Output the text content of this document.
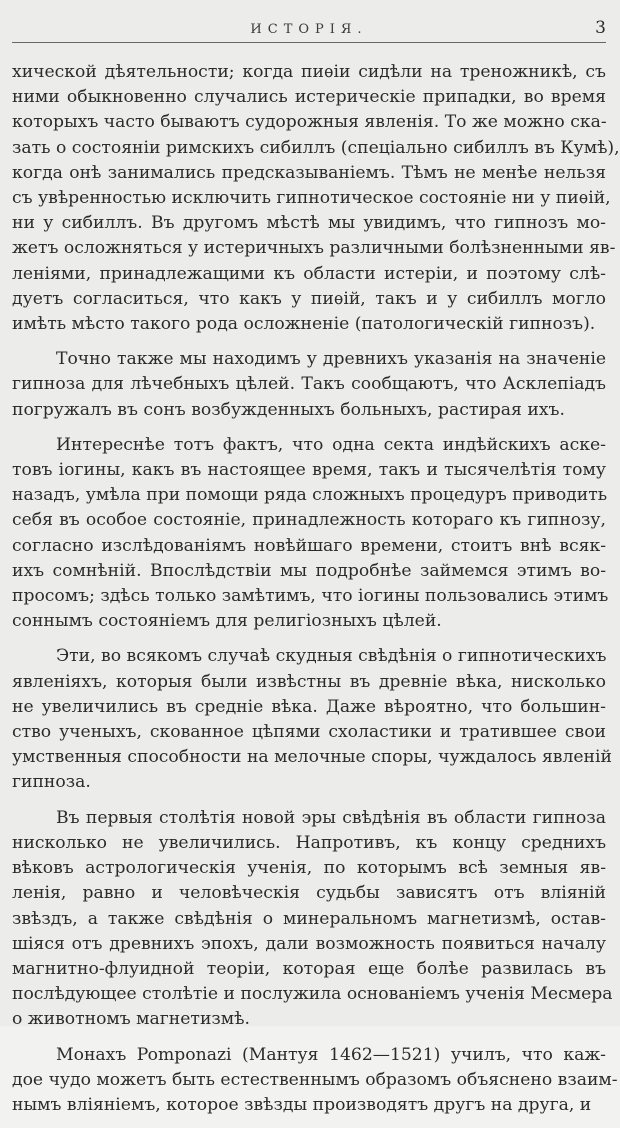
ИСТОРІЯ.	3
хической дѣятельности; когда пиѳіи сидѣли на треножникѣ, съ
ними обыкновенно случались истерическіе припадки, во время
которыхъ часто бываютъ судорожныя явленія. То же можно ска-
зать о состояніи римскихъ сибиллъ (спеціально сибиллъ въ Кумѣ),
когда онѣ занимались предсказываніемъ. Тѣмъ не менѣе нельзя
съ увѣренностью исключить гипнотическое состояніе ни у пиѳій,
ни у сибиллъ. Въ другомъ мѣстѣ мы увидимъ, что гипнозъ мо-
жетъ осложняться у истеричныхъ различными болѣзненными яв-
леніями, принадлежащими къ области истеріи, и поэтому слѣ-
дуетъ согласиться, что какъ у пиѳій, такъ и у сибиллъ могло
имѣть мѣсто такого рода осложненіе (патологическій гипнозъ).
Точно также мы находимъ у древнихъ указанія на значеніе
гипноза для лѣчебныхъ цѣлей. Такъ сообщаютъ, что Асклепіадъ
погружалъ въ сонъ возбужденныхъ больныхъ, растирая ихъ.
Интереснѣе тотъ фактъ, что одна секта индѣйскихъ аске-
товъ іогины, какъ въ настоящее время, такъ и тысячелѣтія тому
назадъ, умѣла при помощи ряда сложныхъ процедуръ приводить
себя въ особое состояніе, принадлежность котораго къ гипнозу,
согласно изслѣдованіямъ новѣйшаго времени, стоитъ внѣ всяк-
ихъ сомнѣній. Впослѣдствіи мы подробнѣе займемся этимъ во-
просомъ; здѣсь только замѣтимъ, что іогины пользовались этимъ
соннымъ состояніемъ для религіозныхъ цѣлей.
Эти, во всякомъ случаѣ скудныя свѣдѣнія о гипнотическихъ
явленіяхъ, которыя были извѣстны въ древніе вѣка, нисколько
не увеличились въ средніе вѣка. Даже вѣроятно, что большин-
ство ученыхъ, скованное цѣпями схоластики и тратившее свои
умственныя способности на мелочные споры, чуждалось явленій
гипноза.
Въ первыя столѣтія новой эры свѣдѣнія въ области гипноза
нисколько не увеличились. Напротивъ, къ концу среднихъ
вѣковъ астрологическія ученія, по которымъ всѣ земныя яв-
ленія, равно и человѣческія судьбы зависятъ отъ вліяній
звѣздъ, а также свѣдѣнія о минеральномъ магнетизмѣ, остав-
шіяся отъ древнихъ эпохъ, дали возможность появиться началу
магнитно-флуидной теоріи, которая еще болѣе развилась въ
послѣдующее столѣтіе и послужила основаніемъ ученія Месмера
о животномъ магнетизмѣ.
Монахъ Pomponazi (Мантуя 1462—1521) училъ, что каж-
дое чудо можетъ быть естественнымъ образомъ объяснено взаим-
нымъ вліяніемъ, которое звѣзды производятъ другъ на друга, и
